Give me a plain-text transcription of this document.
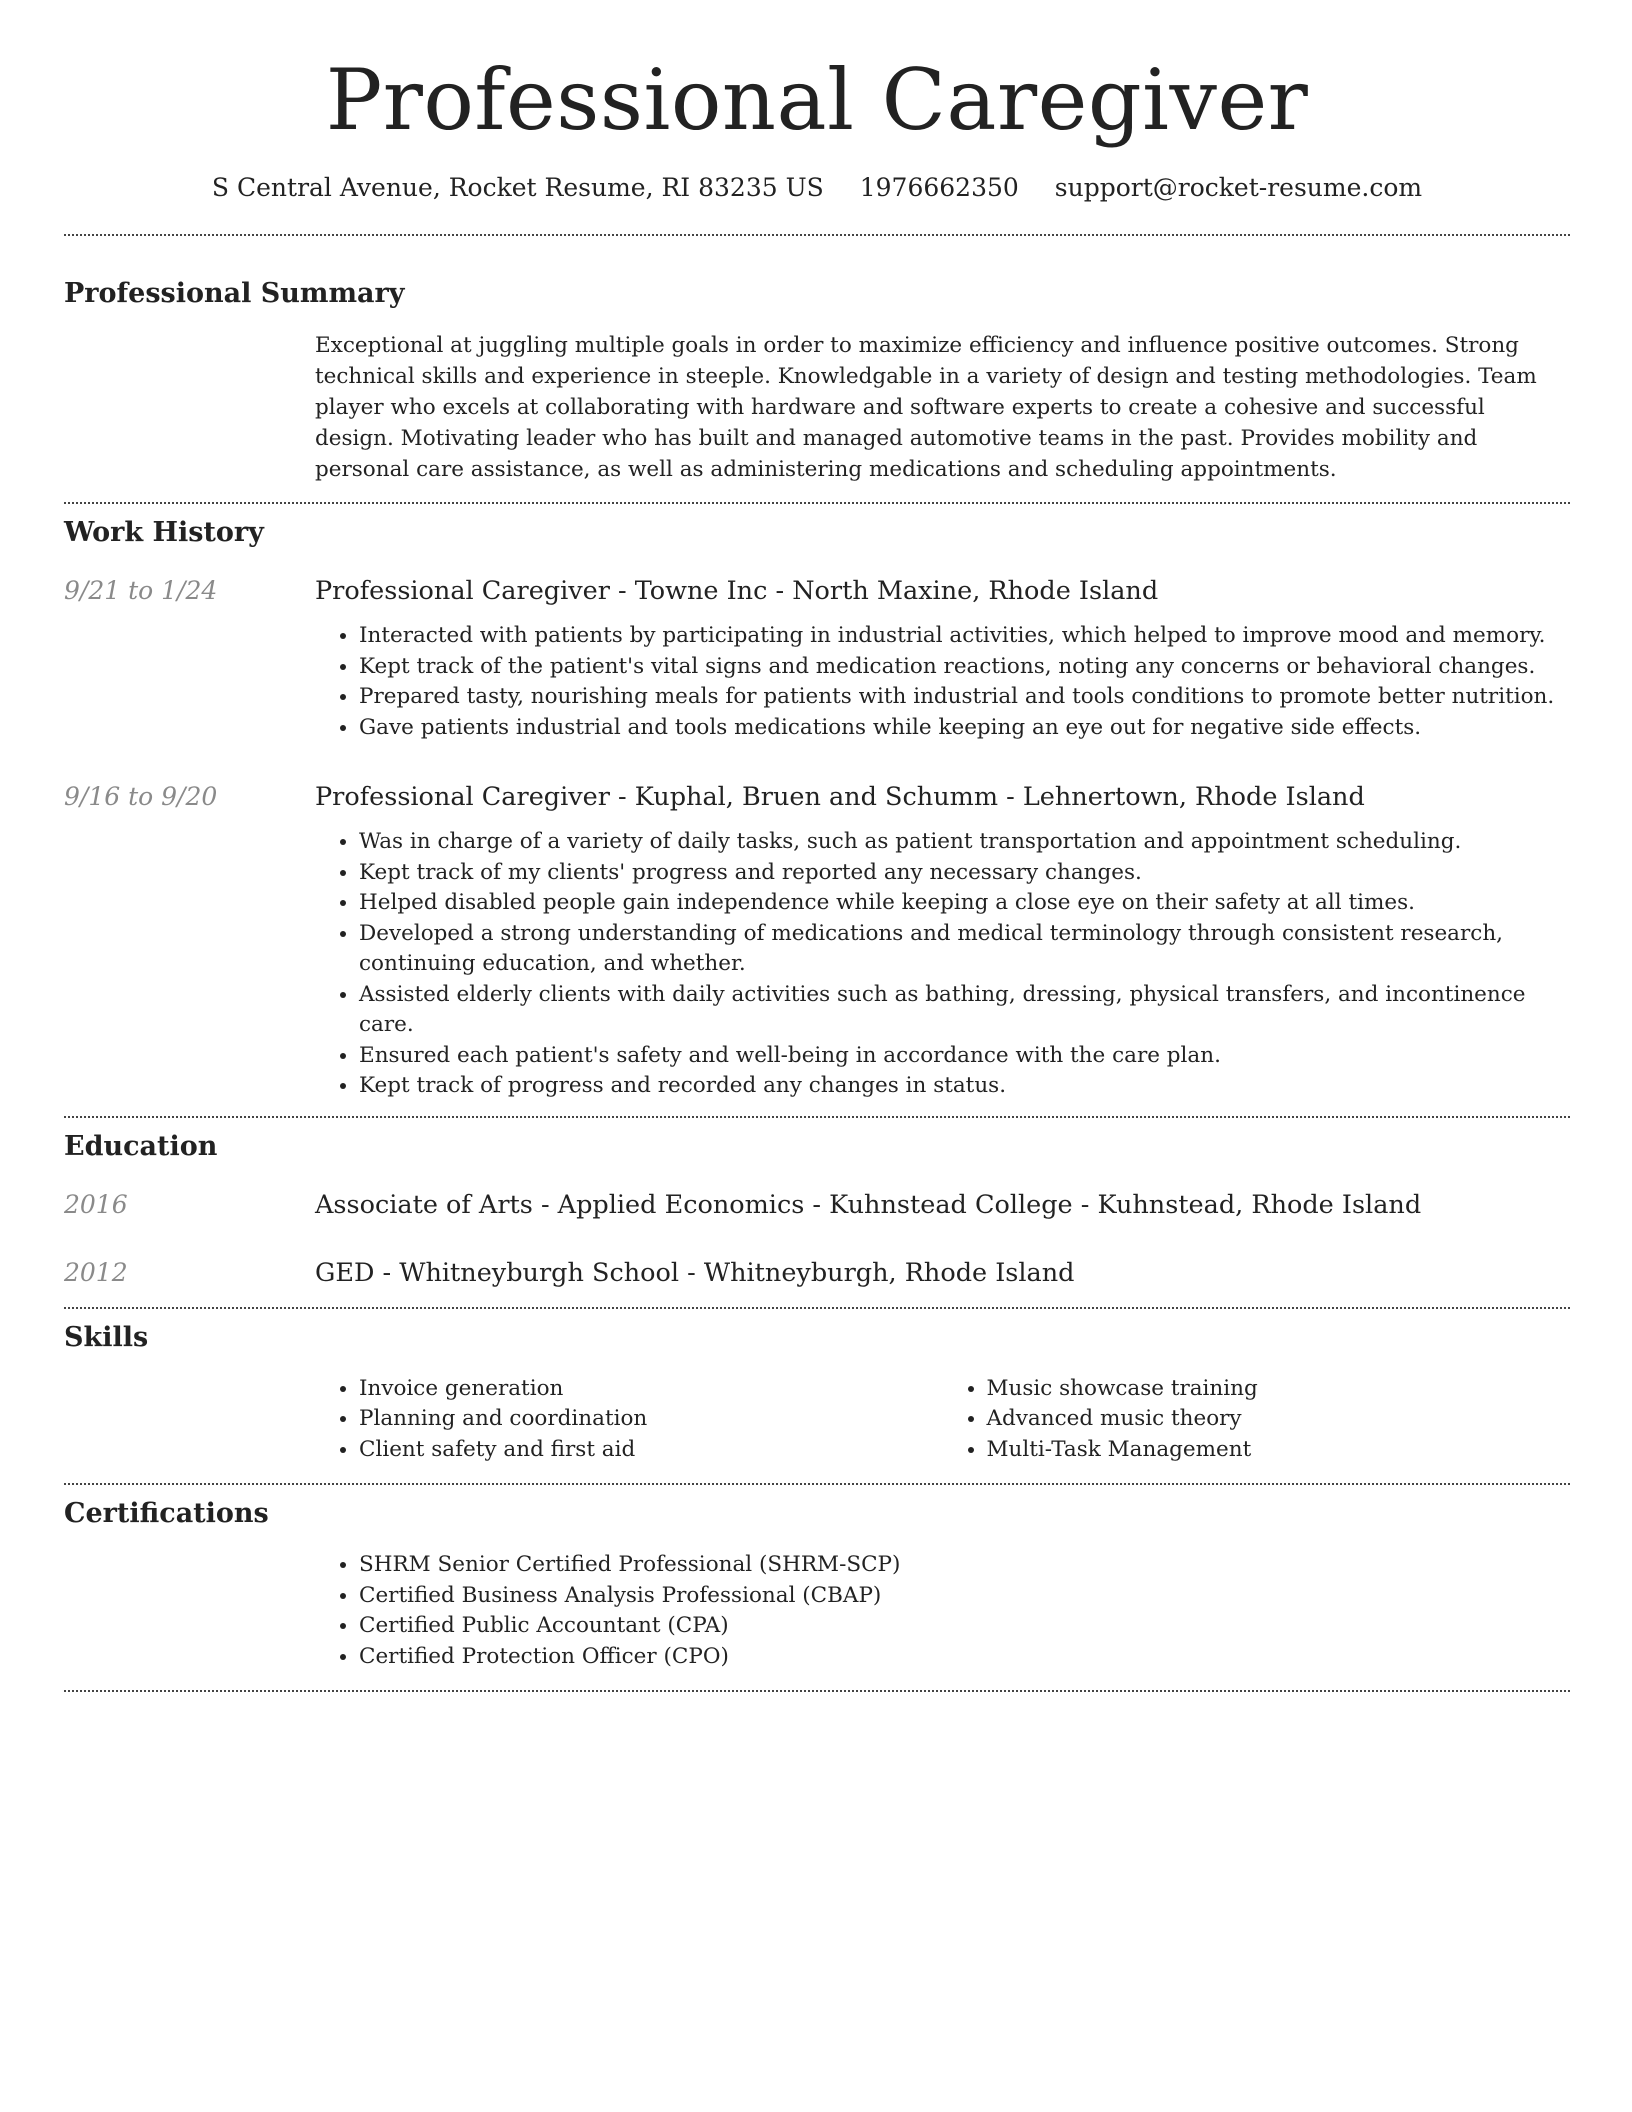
Professional Caregiver
S Central Avenue, Rocket Resume, RI 83235 US 1976662350 support@rocket-resume.com
Professional Summary
Exceptional at juggling multiple goals in order to maximize efficiency and influence positive outcomes. Strong technical skills and experience in steeple. Knowledgable in a variety of design and testing methodologies. Team player who excels at collaborating with hardware and software experts to create a cohesive and successful design. Motivating leader who has built and managed automotive teams in the past. Provides mobility and personal care assistance, as well as administering medications and scheduling appointments.
Work History
9/21 to 1/24	Professional Caregiver - Towne Inc - North Maxine, Rhode Island
• Interacted with patients by participating in industrial activities, which helped to improve mood and memory.
• Kept track of the patient's vital signs and medication reactions, noting any concerns or behavioral changes.
• Prepared tasty, nourishing meals for patients with industrial and tools conditions to promote better nutrition.
• Gave patients industrial and tools medications while keeping an eye out for negative side effects.
9/16 to 9/20	Professional Caregiver - Kuphal, Bruen and Schumm - Lehnertown, Rhode Island
• Was in charge of a variety of daily tasks, such as patient transportation and appointment scheduling.
• Kept track of my clients' progress and reported any necessary changes.
• Helped disabled people gain independence while keeping a close eye on their safety at all times.
• Developed a strong understanding of medications and medical terminology through consistent research, continuing education, and whether.
• Assisted elderly clients with daily activities such as bathing, dressing, physical transfers, and incontinence care.
• Ensured each patient's safety and well-being in accordance with the care plan.
• Kept track of progress and recorded any changes in status.
Education
2016	Associate of Arts - Applied Economics - Kuhnstead College - Kuhnstead, Rhode Island
2012	GED - Whitneyburgh School - Whitneyburgh, Rhode Island
Skills
• Invoice generation
• Planning and coordination
• Client safety and first aid
• Music showcase training
• Advanced music theory
• Multi-Task Management
Certifications
• SHRM Senior Certified Professional (SHRM-SCP)
• Certified Business Analysis Professional (CBAP)
• Certified Public Accountant (CPA)
• Certified Protection Officer (CPO)
